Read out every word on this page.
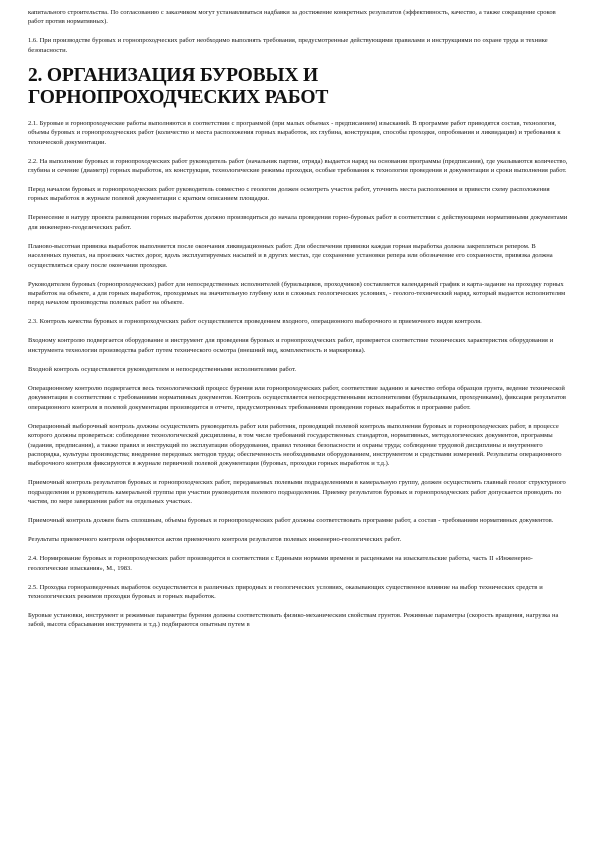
капитального строительства. По согласованию с заказчиком могут устанавливаться надбавки за достижение конкретных результатов (эффективность, качество, а также сокращение сроков работ против нормативных).

1.6. При производстве буровых и горнопроходческих работ необходимо выполнять требования, предусмотренные действующими правилами и инструкциями по охране труда и технике безопасности.

2. ОРГАНИЗАЦИЯ БУРОВЫХ И ГОРНОПРОХОДЧЕСКИХ РАБОТ

2.1. Буровые и горнопроходческие работы выполняются в соответствии с программой (при малых объемах - предписанием) изысканий. В программе работ приводятся состав, технология, объемы буровых и горнопроходческих работ (количество и места расположения горных выработок, их глубина, конструкция, способы проходки, опробования и ликвидации) и требования к технической документации.

2.2. На выполнение буровых и горнопроходческих работ руководитель работ (начальник партии, отряда) выдается наряд на основании программы (предписания), где указываются количество, глубина и сечение (диаметр) горных выработок, их конструкция, технологические режимы проходки, особые требования к технологии проведения и документации и сроки выполнения работ.

Перед началом буровых и горнопроходческих работ руководитель совместно с геологом должен осмотреть участок работ, уточнить места расположения и привести схему расположения горных выработок в журнале полевой документации с кратким описанием площадки.

Перенесение в натуру проекта размещения горных выработок должно производиться до начала проведения горно-буровых работ в соответствии с действующими нормативными документами для инженерно-геодезических работ.

Планово-высотная привязка выработок выполняется после окончания ликвидационных работ. Для обеспечения привязки каждая горная выработка должна закрепляться репером. В населенных пунктах, на проезжих частях дорог, вдоль эксплуатируемых насыпей и в других местах, где сохранение установки репера или обозначение его сохранности, привязка должна осуществляться сразу после окончания проходки.

Руководителем буровых (горнопроходческих) работ для непосредственных исполнителей (бурильщиков, проходчиков) составляется календарный график и карта-задание на проходку горных выработок на объекте, а для горных выработок, проходимых на значительную глубину или в сложных геологических условиях, - геолого-технический наряд, который выдается исполнителям перед началом производства полевых работ на объекте.

2.3. Контроль качества буровых и горнопроходческих работ осуществляется проведением входного, операционного выборочного и приемочного видов контроля.

Входному контролю подвергается оборудование и инструмент для проведения буровых и горнопроходческих работ, проверяется соответствие технических характеристик оборудования и инструмента технологии производства работ путем технического осмотра (внешний вид, комплектность и маркировка).

Входной контроль осуществляется руководителем и непосредственными исполнителями работ.

Операционному контролю подвергается весь технологический процесс бурения или горнопроходческих работ, соответствие заданию и качество отбора образцов грунта, ведение технической документации в соответствии с требованиями нормативных документов. Контроль осуществляется непосредственными исполнителями (бурильщиками, проходчиками), фиксация результатов операционного контроля в полевой документации производится в отчете, предусмотренных требованиями проведения горных выработок в программе работ.

Операционный выборочный контроль должны осуществлять руководитель работ или работник, проводящий полевой контроль выполнения буровых и горнопроходческих работ, в процессе которого должны проверяться: соблюдение технологической дисциплины, в том числе требований государственных стандартов, нормативных, методологических документов, программы (задания, предписания), а также правил и инструкций по эксплуатации оборудования, правил техники безопасности и охраны труда; соблюдение трудовой дисциплины и внутреннего распорядка, культуры производства; внедрение передовых методов труда; обеспеченность необходимыми оборудованием, инструментом и средствами измерений. Результаты операционного выборочного контроля фиксируются в журнале первичной полевой документации (буровых, проходки горных выработок и т.д.).

Приемочный контроль результатов буровых и горнопроходческих работ, передаваемых полевыми подразделениями в камеральную группу, должен осуществлять главный геолог структурного подразделения и руководитель камеральной группы при участии руководителя полевого подразделения. Приемку результатов буровых и горнопроходческих работ допускается проводить по частям, по мере завершения работ на отдельных участках.

Приемочный контроль должен быть сплошным, объемы буровых и горнопроходческих работ должны соответствовать программе работ, а состав - требованиям нормативных документов.

Результаты приемочного контроля оформляются актом приемочного контроля результатов полевых инженерно-геологических работ.

2.4. Нормирование буровых и горнопроходческих работ производится в соответствии с Едиными нормами времени и расценками на изыскательские работы, часть II «Инженерно-геологические изыскания», М., 1983.

2.5. Проходка горноразведочных выработок осуществляется в различных природных и геологических условиях, оказывающих существенное влияние на выбор технических средств и технологических режимов проходки буровых и горных выработок.

Буровые установки, инструмент и режимные параметры бурения должны соответствовать физико-механическим свойствам грунтов. Режимные параметры (скорость вращения, нагрузка на забой, высота сбрасывания инструмента и т.д.) подбираются опытным путем в
